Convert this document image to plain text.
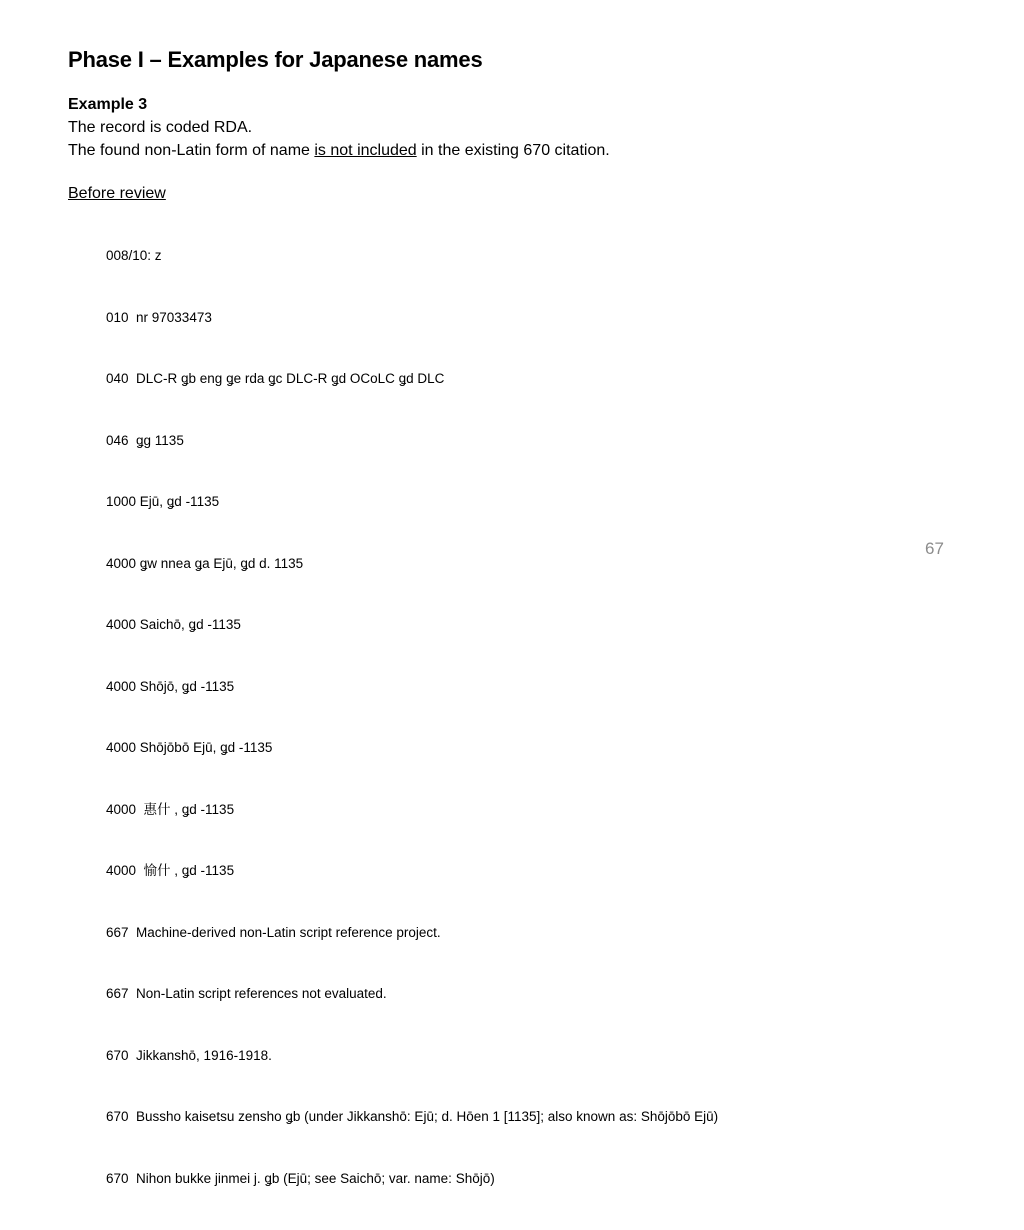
Phase I – Examples for Japanese names
Example 3
The record is coded RDA.
The found non-Latin form of name is not included in the existing 670 citation.
Before review

008/10: z

010  nr 97033473

040  DLC-R ǥb eng ǥe rda ǥc DLC-R ǥd OCoLC ǥd DLC

046  ǥg 1135

1000 Ejū, ǥd -1135

4000 ǥw nnea ǥa Ejū, ǥd d. 1135

4000 Saichō, ǥd -1135

4000 Shōjō, ǥd -1135

4000 Shōjōbō Ejū, ǥd -1135

4000  惠什 , ǥd -1135

4000  愉什 , ǥd -1135

667  Machine-derived non-Latin script reference project.

667  Non-Latin script references not evaluated.

670  Jikkanshō, 1916-1918.

670  Bussho kaisetsu zensho ǥb (under Jikkanshō: Ejū; d. Hōen 1 [1135]; also known as: Shōjōbō Ejū)

670  Nihon bukke jinmei j. ǥb (Ejū; see Saichō; var. name: Shōjō)

67
